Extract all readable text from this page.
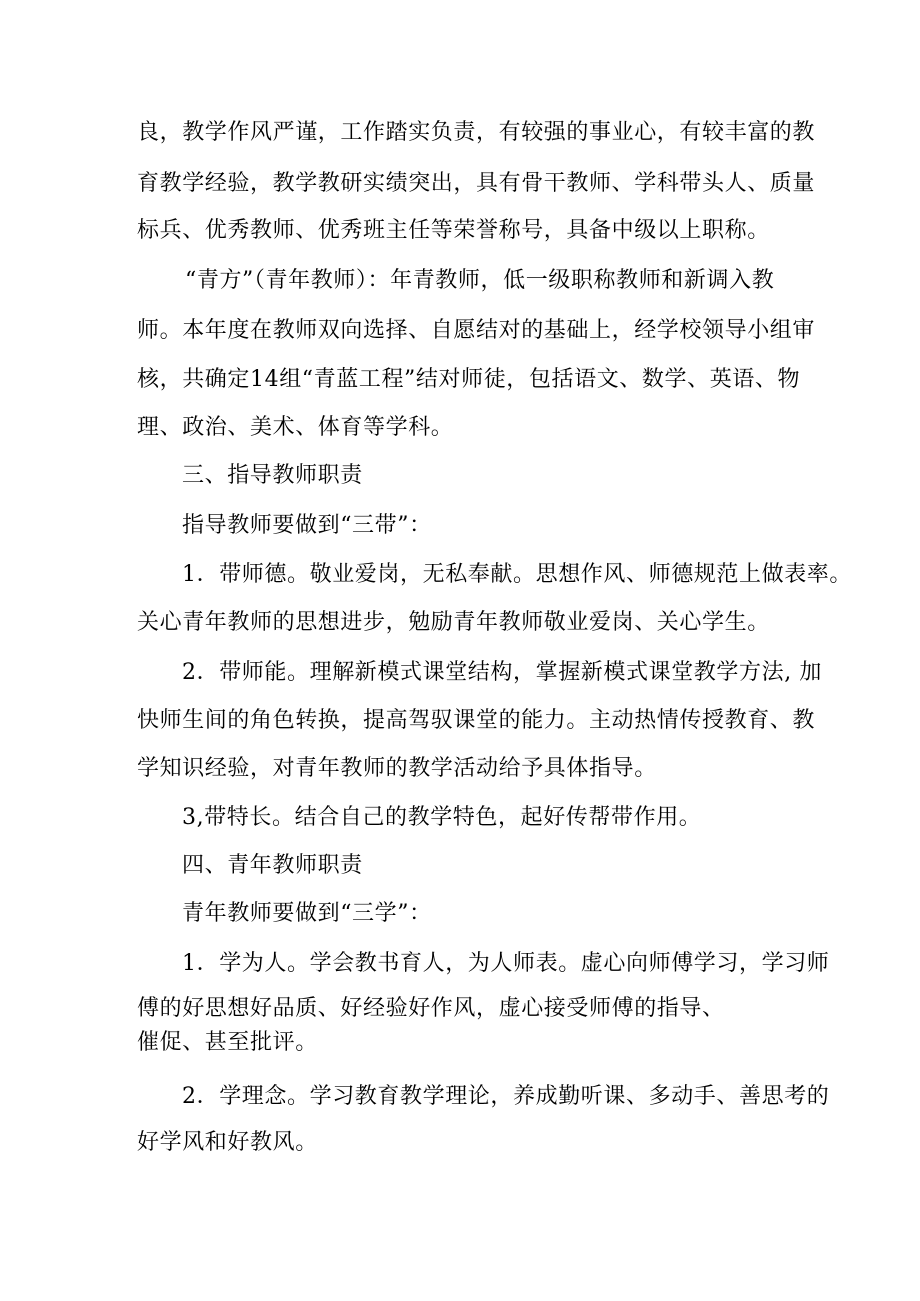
良，教学作风严谨，工作踏实负责，有较强的事业心，有较丰富的教
育教学经验，教学教研实绩突出，具有骨干教师、学科带头人、质量
标兵、优秀教师、优秀班主任等荣誉称号，具备中级以上职称。
“青方”（青年教师）：年青教师，低一级职称教师和新调入教
师。本年度在教师双向选择、自愿结对的基础上，经学校领导小组审
核，共确定14组“青蓝工程”结对师徒，包括语文、数学、英语、物
理、政治、美术、体育等学科。
三、指导教师职责
指导教师要做到“三带”：
1．带师德。敬业爱岗，无私奉献。思想作风、师德规范上做表率。
关心青年教师的思想进步，勉励青年教师敬业爱岗、关心学生。
2．带师能。理解新模式课堂结构，掌握新模式课堂教学方法, 加
快师生间的角色转换，提高驾驭课堂的能力。主动热情传授教育、教
学知识经验，对青年教师的教学活动给予具体指导。
3,带特长。结合自己的教学特色，起好传帮带作用。
四、青年教师职责
青年教师要做到“三学”：
1．学为人。学会教书育人，为人师表。虚心向师傅学习，学习师
傅的好思想好品质、好经验好作风，虚心接受师傅的指导、
催促、甚至批评。
2．学理念。学习教育教学理论，养成勤听课、多动手、善思考的
好学风和好教风。
